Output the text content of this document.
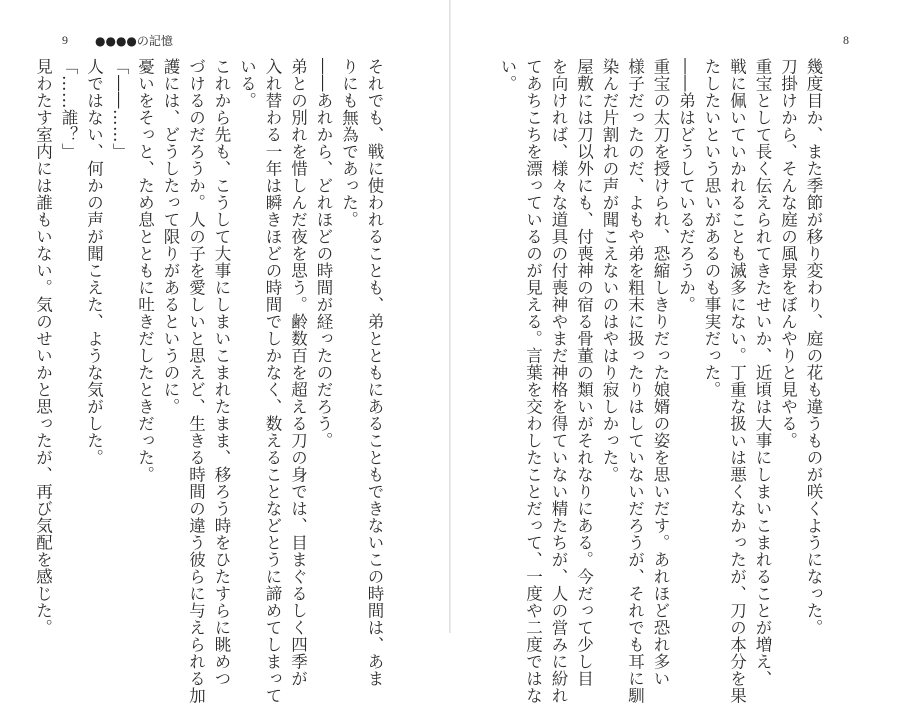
9 ●●●●の記憶
それでも、戦に使われることも、弟とともにあることもできないこの時間は、あま
りにも無為であった。
――あれから、どれほどの時間が経ったのだろう。
弟との別れを惜しんだ夜を思う。齢数百を超える刀の身では、目まぐるしく四季が
入れ替わる一年は瞬きほどの時間でしかなく、数えることなどとうに諦めてしまって
いる。
これから先も、こうして大事にしまいこまれたまま、移ろう時をひたすらに眺めつ
づけるのだろうか。人の子を愛しいと思えど、生きる時間の違う彼らに与えられる加
護には、どうしたって限りがあるというのに。
憂いをそっと、ため息とともに吐きだしたときだった。
「――……」
人ではない、何かの声が聞こえた、ような気がした。
「……誰？」
見わたす室内には誰もいない。気のせいかと思ったが、再び気配を感じた。
8
幾度目か、また季節が移り変わり、庭の花も違うものが咲くようになった。
刀掛けから、そんな庭の風景をぼんやりと見やる。
重宝として長く伝えられてきたせいか、近頃は大事にしまいこまれることが増え、
戦に佩いていかれることも滅多にない。丁重な扱いは悪くなかったが、刀の本分を果
たしたいという思いがあるのも事実だった。
――弟はどうしているだろうか。
重宝の太刀を授けられ、恐縮しきりだった娘婿の姿を思いだす。あれほど恐れ多い
様子だったのだ、よもや弟を粗末に扱ったりはしていないだろうが、それでも耳に馴
染んだ片割れの声が聞こえないのはやはり寂しかった。
屋敷には刀以外にも、付喪神の宿る骨董の類いがそれなりにある。今だって少し目
を向ければ、様々な道具の付喪神やまだ神格を得ていない精たちが、人の営みに紛れ
てあちこちを漂っているのが見える。言葉を交わしたことだって、一度や二度ではな
い。
